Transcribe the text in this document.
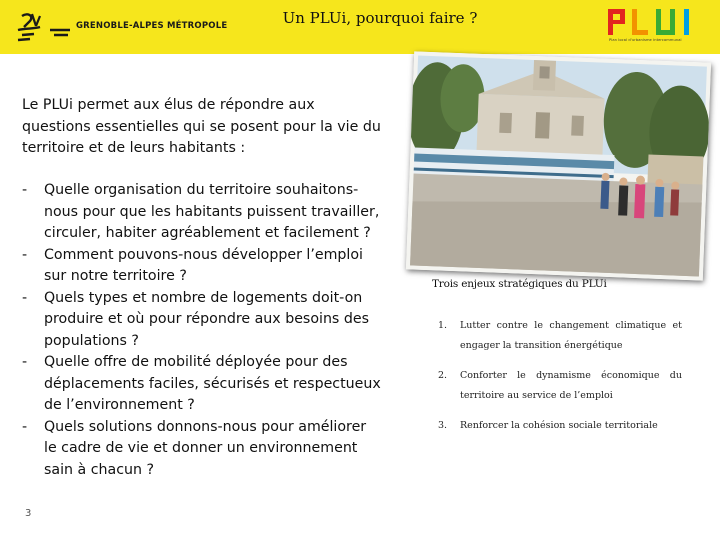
GRENOBLE-ALPES MÉTROPOLE	Un PLUi, pourquoi faire ?
Plan local d'urbanisme intercommunal
Le PLUi permet aux élus de répondre aux questions essentielles qui se posent pour la vie du territoire et de leurs habitants :
- Quelle organisation du territoire souhaitons-nous pour que les habitants puissent travailler, circuler, habiter agréablement et facilement ?
- Comment pouvons-nous développer l’emploi sur notre territoire ?
- Quels types et nombre de logements doit-on produire et où pour répondre aux besoins des populations ?
- Quelle offre de mobilité déployée pour des déplacements faciles, sécurisés et respectueux de l’environnement ?
- Quels solutions donnons-nous pour améliorer le cadre de vie et donner un environnement sain à chacun ?
3
Trois enjeux stratégiques du PLUi
1. Lutter contre le changement climatique et engager la transition énergétique
2. Conforter le dynamisme économique du territoire au service de l’emploi
3. Renforcer la cohésion sociale territoriale
